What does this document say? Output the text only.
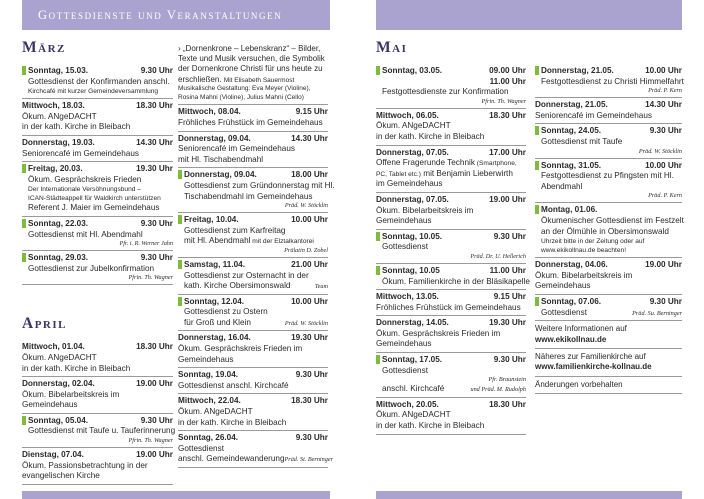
Gottesdienste und Veranstaltungen
März
Sonntag, 15.03.	9.30 Uhr
Gottesdienst der Konfirmanden anschl.
Kirchcafé mit kurzer Gemeindeversammlung
Mittwoch, 18.03.	18.30 Uhr
Ökum. ANgeDACHT
in der kath. Kirche in Bleibach
Donnerstag, 19.03.	14.30 Uhr
Seniorencafé im Gemeindehaus
Freitag, 20.03.	19.30 Uhr
Ökum. Gesprächskreis Frieden
Der Internationale Versöhnungsbund –
ICAN-Städteappell für Waldkirch unterstützen
Referent J. Maier im Gemeindehaus
Sonntag, 22.03.	9.30 Uhr
Gottesdienst mit Hl. Abendmahl
Pfr. i. R. Werner Jahn
Sonntag, 29.03.	9.30 Uhr
Gottesdienst zur Jubelkonfirmation
Pfrin. Th. Wagner
April
Mittwoch, 01.04.	18.30 Uhr
Ökum. ANgeDACHT
in der kath. Kirche in Bleibach
Donnerstag, 02.04.	19.00 Uhr
Ökum. Bibelarbeitskreis im
Gemeindehaus
Sonntag, 05.04.	9.30 Uhr
Gottesdienst mit Taufe u. Tauferinnerung
Pfrin. Th. Wagner
Dienstag, 07.04.	19.00 Uhr
Ökum. Passionsbetrachtung in der
evangelischen Kirche
› „Dornenkrone – Lebenskranz“ – Bilder,
Texte und Musik versuchen, die Symbolik
der Dornenkrone Christi für uns heute zu
erschließen. Mit Elisabeth Sauermost
Musikalische Gestaltung: Eva Meyer (Violine),
Rosina Mahni (Violine), Julius Mahni (Cello)
Mittwoch, 08.04.	9.15 Uhr
Fröhliches Frühstück im Gemeindehaus
Donnerstag, 09.04.	14.30 Uhr
Seniorencafé im Gemeindehaus
mit Hl. Tischabendmahl
Donnerstag, 09.04.	18.00 Uhr
Gottesdienst zum Gründonnerstag mit Hl.
Tischabendmahl im Gemeindehaus
Präd. W. Stöcklin
Freitag, 10.04.	10.00 Uhr
Gottesdienst zum Karfreitag
mit Hl. Abendmahl mit der Elztalkantorei
Prälatin D. Zobel
Samstag, 11.04.	21.00 Uhr
Gottesdienst zur Osternacht in der
kath. Kirche Obersimonswald	Team
Sonntag, 12.04.	10.00 Uhr
Gottesdienst zu Ostern
für Groß und Klein	Präd. W. Stöcklin
Donnerstag, 16.04.	19.30 Uhr
Ökum. Gesprächskreis Frieden im
Gemeindehaus
Sonntag, 19.04.	9.30 Uhr
Gottesdienst anschl. Kirchcafé
Mittwoch, 22.04.	18.30 Uhr
Ökum. ANgeDACHT
in der kath. Kirche in Bleibach
Sonntag, 26.04.	9.30 Uhr
Gottesdienst
anschl. Gemeindewanderung Präd. St. Berninger
Mai
Sonntag, 03.05.	09.00 Uhr
11.00 Uhr
Festgottesdienste zur Konfirmation
Pfrin. Th. Wagner
Mittwoch, 06.05.	18.30 Uhr
Ökum. ANgeDACHT
in der kath. Kirche in Bleibach
Donnerstag, 07.05.	17.00 Uhr
Offene Fragerunde Technik (Smartphone,
PC, Tablet etc.) mit Benjamin Lieberwirth
im Gemeindehaus
Donnerstag, 07.05.	19.00 Uhr
Ökum. Bibelarbeitskreis im
Gemeindehaus
Sonntag, 10.05.	9.30 Uhr
Gottesdienst
Präd. Dr. U. Hellerich
Sonntag, 10.05	11.00 Uhr
Ökum. Familienkirche in der Bläsikapelle
Mittwoch, 13.05.	9.15 Uhr
Fröhliches Frühstück im Gemeindehaus
Donnerstag, 14.05.	19.30 Uhr
Ökum. Gesprächskreis Frieden im
Gemeindehaus
Sonntag, 17.05.	9.30 Uhr
Gottesdienst
Pfr. Braunstein
anschl. Kirchcafé	und Präd. M. Rudolph
Mittwoch, 20.05.	18.30 Uhr
Ökum. ANgeDACHT
in der kath. Kirche in Bleibach
Donnerstag, 21.05.	10.00 Uhr
Festgottesdienst zu Christi Himmelfahrt
Präd. P. Kern
Donnerstag, 21.05.	14.30 Uhr
Seniorencafé im Gemeindehaus
Sonntag, 24.05.	9.30 Uhr
Gottesdienst mit Taufe
Präd. W. Stöcklin
Sonntag, 31.05.	10.00 Uhr
Festgottesdienst zu Pfingsten mit Hl.
Abendmahl
Präd. P. Kern
Montag, 01.06.
Ökumenischer Gottesdienst im Festzelt
an der Ölmühle in Obersimonswald
Uhrzeit bitte in der Zeitung oder auf
www.ekikollnau.de beachten!
Donnerstag, 04.06.	19.00 Uhr
Ökum. Bibelarbeitskreis im
Gemeindehaus
Sonntag, 07.06.	9.30 Uhr
Gottesdienst	Präd. Su. Berninger
Weitere Informationen auf
www.ekikollnau.de
Näheres zur Familienkirche auf
www.familienkirche-kollnau.de
Änderungen vorbehalten
